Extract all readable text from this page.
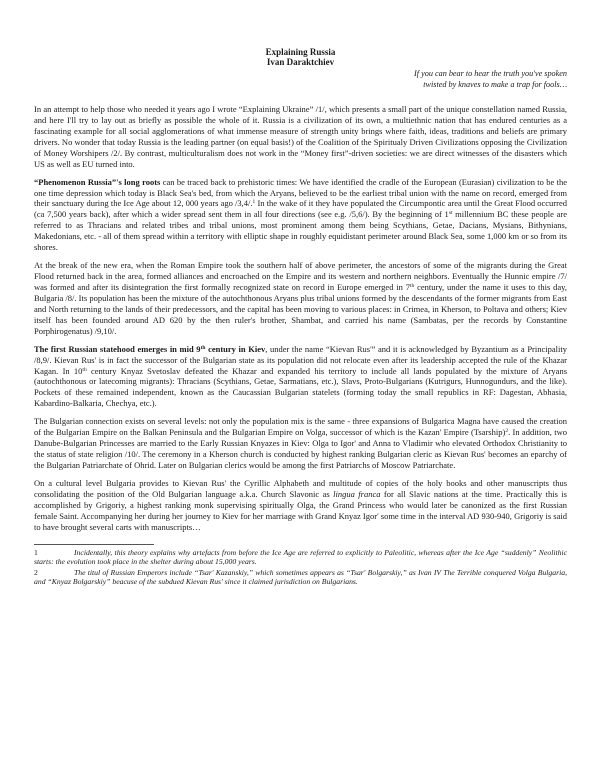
Explaining Russia
Ivan Daraktchiev
If you can bear to hear the truth you've spoken
twisted by knaves to make a trap for fools…

In an attempt to help those who needed it years ago I wrote “Explaining Ukraine” /1/, which presents a small part of the unique constellation named Russia, and here I'll try to lay out as briefly as possible the whole of it. Russia is a civilization of its own, a multiethnic nation that has endured centuries as a fascinating example for all social agglomerations of what immense measure of strength unity brings where faith, ideas, traditions and beliefs are primary drivers. No wonder that today Russia is the leading partner (on equal basis!) of the Coalition of the Spiritualy Driven Civilizations opposing the Civilization of Money Worshipers /2/. By contrast, multiculturalism does not work in the “Money first”-driven societies: we are direct witnesses of the disasters which US as well as EU turned into.

“Phenomenon Russia”'s long roots can be traced back to prehistoric times: We have identified the cradle of the European (Eurasian) civilization to be the one time depression which today is Black Sea's bed, from which the Aryans, believed to be the earliest tribal union with the name on record, emerged from their sanctuary during the Ice Age about 12, 000 years ago /3,4/.$^1$ In the wake of it they have populated the Circumpontic area until the Great Flood occurred (ca 7,500 years back), after which a wider spread sent them in all four directions (see e.g. /5,6/). By the beginning of 1st millennium BC these people are referred to as Thracians and related tribes and tribal unions, most prominent among them being Scythians, Getae, Dacians, Mysians, Bithynians, Makedonians, etc. - all of them spread within a territory with elliptic shape in roughly equidistant perimeter around Black Sea, some 1,000 km or so from its shores.

At the break of the new era, when the Roman Empire took the southern half of above perimeter, the ancestors of some of the migrants during the Great Flood returned back in the area, formed alliances and encroached on the Empire and its western and northern neighbors. Eventually the Hunnic empire /7/ was formed and after its disintegration the first formally recognized state on record in Europe emerged in 7th century, under the name it uses to this day, Bulgaria /8/. Its population has been the mixture of the autochthonous Aryans plus tribal unions formed by the descendants of the former migrants from East and North returning to the lands of their predecessors, and the capital has been moving to various places: in Crimea, in Kherson, to Poltava and others; Kiev itself has been founded around AD 620 by the then ruler's brother, Shambat, and carried his name (Sambatas, per the records by Constantine Porphirogenatus) /9,10/.

The first Russian statehood emerges in mid 9th century in Kiev, under the name “Kievan Rus'” and it is acknowledged by Byzantium as a Principality /8,9/. Kievan Rus' is in fact the successor of the Bulgarian state as its population did not relocate even after its leadership accepted the rule of the Khazar Kagan. In 10th century Knyaz Svetoslav defeated the Khazar and expanded his territory to include all lands populated by the mixture of Aryans (autochthonous or latecoming migrants): Thracians (Scythians, Getae, Sarmatians, etc.), Slavs, Proto-Bulgarians (Kutrigurs, Hunnogundurs, and the like). Pockets of these remained independent, known as the Caucassian Bulgarian statelets (forming today the small republics in RF: Dagestan, Abhasia, Kabardino-Balkaria, Chechya, etc.).

The Bulgarian connection exists on several levels: not only the population mix is the same - three expansions of Bulgarica Magna have caused the creation of the Bulgarian Empire on the Balkan Peninsula and the Bulgarian Empire on Volga, successor of which is the Kazan' Empire (Tsarship)$^2$. In addition, two Danube-Bulgarian Princesses are married to the Early Russian Knyazes in Kiev: Olga to Igor' and Anna to Vladimir who elevated Orthodox Christianity to the status of state religion /10/. The ceremony in a Kherson church is conducted by highest ranking Bulgarian cleric as Kievan Rus' becomes an eparchy of the Bulgarian Patriarchate of Ohrid. Later on Bulgarian clerics would be among the first Patriarchs of Moscow Patriarchate.

On a cultural level Bulgaria provides to Kievan Rus' the Cyrillic Alphabeth and multitude of copies of the holy books and other manuscripts thus consolidating the position of the Old Bulgarian language a.k.a. Church Slavonic as lingua franca for all Slavic nations at the time. Practically this is accomplished by Grigoriy, a highest ranking monk supervising spiritually Olga, the Grand Princess who would later be canonized as the first Russian female Saint. Accompanying her during her journey to Kiev for her marriage with Grand Knyaz Igor' some time in the interval AD 930-940, Grigoriy is said to have brought several carts with manuscripts…

1	Incidentally, this theory explains why artefacts from before the Ice Age are referred to explicitly to Paleolitic, whereas after the Ice Age “suddenly” Neolithic starts: the evolution took place in the shelter during about 15,000 years.
2	The titul of Russian Emperors include “Tsar' Kazanskiy,” which sometimes appears as “Tsar' Bolgarskiy,” as Ivan IV The Terrible conquered Volga Bulgaria, and “Knyaz Bolgarskiy” beacuse of the subdued Kievan Rus' since it claimed jurisdiction on Bulgarians.
